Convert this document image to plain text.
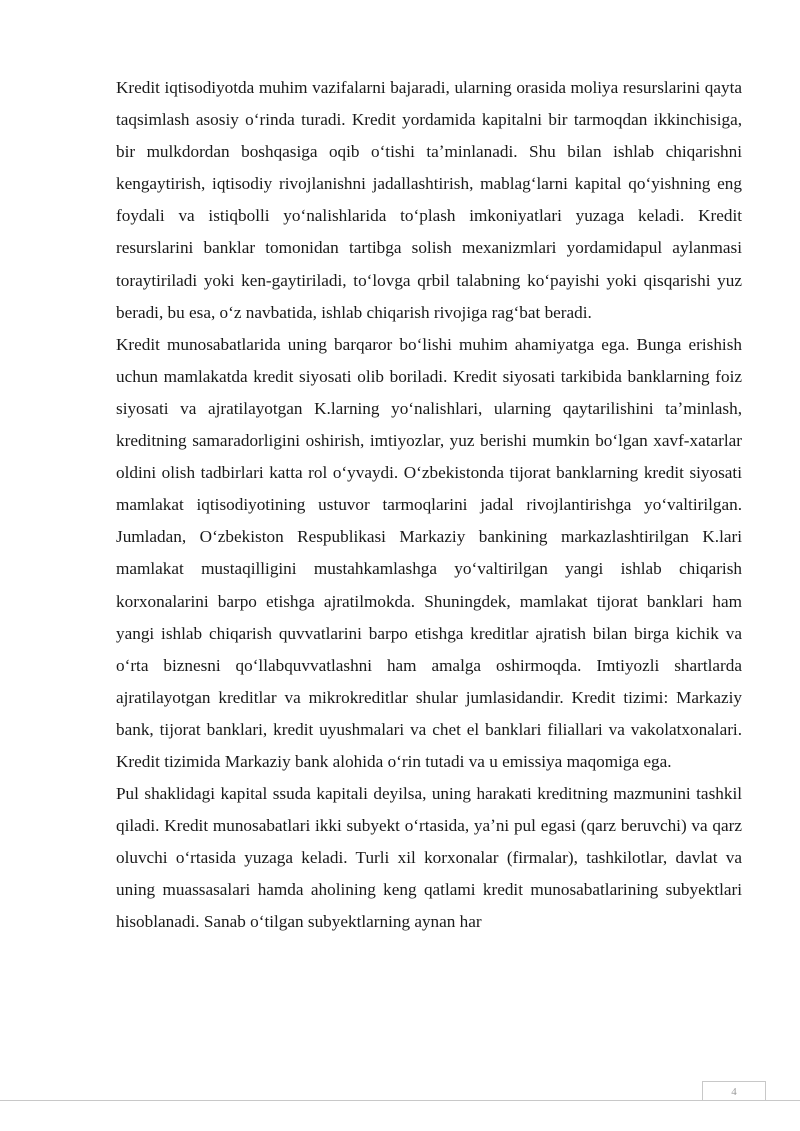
Kredit iqtisodiyotda muhim vazifalarni bajaradi, ularning orasida moliya resurslarini qayta taqsimlash asosiy oʻrinda turadi. Kredit yordamida kapitalni bir tarmoqdan ikkinchisiga, bir mulkdordan boshqasiga oqib oʻtishi taʼminlanadi. Shu bilan ishlab chiqarishni kengaytirish, iqtisodiy rivojlanishni jadallashtirish, mablagʻlarni kapital qoʻyishning eng foydali va istiqbolli yoʻnalishlarida toʻplash imkoniyatlari yuzaga keladi. Kredit resurslarini banklar tomonidan tartibga solish mexanizmlari yordamidapul aylanmasi toraytiriladi yoki ken-gaytiriladi, toʻlovga qrbil talabning koʻpayishi yoki qisqarishi yuz beradi, bu esa, oʻz navbatida, ishlab chiqarish rivojiga ragʻbat beradi.

Kredit munosabatlarida uning barqaror boʻlishi muhim ahamiyatga ega. Bunga erishish uchun mamlakatda kredit siyosati olib boriladi. Kredit siyosati tarkibida banklarning foiz siyosati va ajratilayotgan K.larning yoʻnalishlari, ularning qaytarilishini taʼminlash, kreditning samaradorligini oshirish, imtiyozlar, yuz berishi mumkin boʻlgan xavf-xatarlar oldini olish tadbirlari katta rol oʻyvaydi. Oʻzbekistonda tijorat banklarning kredit siyosati mamlakat iqtisodiyotining ustuvor tarmoqlarini jadal rivojlantirishga yoʻvaltirilgan. Jumladan, Oʻzbekiston Respublikasi Markaziy bankining markazlashtirilgan K.lari mamlakat mustaqilligini mustahkamlashga yoʻvaltirilgan yangi ishlab chiqarish korxonalarini barpo etishga ajratilmokda. Shuningdek, mamlakat tijorat banklari ham yangi ishlab chiqarish quvvatlarini barpo etishga kreditlar ajratish bilan birga kichik va oʻrta biznesni qoʻllabquvvatlashni ham amalga oshirmoqda. Imtiyozli shartlarda ajratilayotgan kreditlar va mikrokreditlar shular jumlasidandir. Kredit tizimi: Markaziy bank, tijorat banklari, kredit uyushmalari va chet el banklari filiallari va vakolatxonalari. Kredit tizimida Markaziy bank alohida oʻrin tutadi va u emissiya maqomiga ega.

Pul shaklidagi kapital ssuda kapitali deyilsa, uning harakati kreditning mazmunini tashkil qiladi. Kredit munosabatlari ikki subyekt oʻrtasida, yaʼni pul egasi (qarz beruvchi) va qarz oluvchi oʻrtasida yuzaga keladi. Turli xil korxonalar (firmalar), tashkilotlar, davlat va uning muassasalari hamda aholining keng qatlami kredit munosabatlarining subyektlari hisoblanadi. Sanab oʻtilgan subyektlarning aynan har

4
